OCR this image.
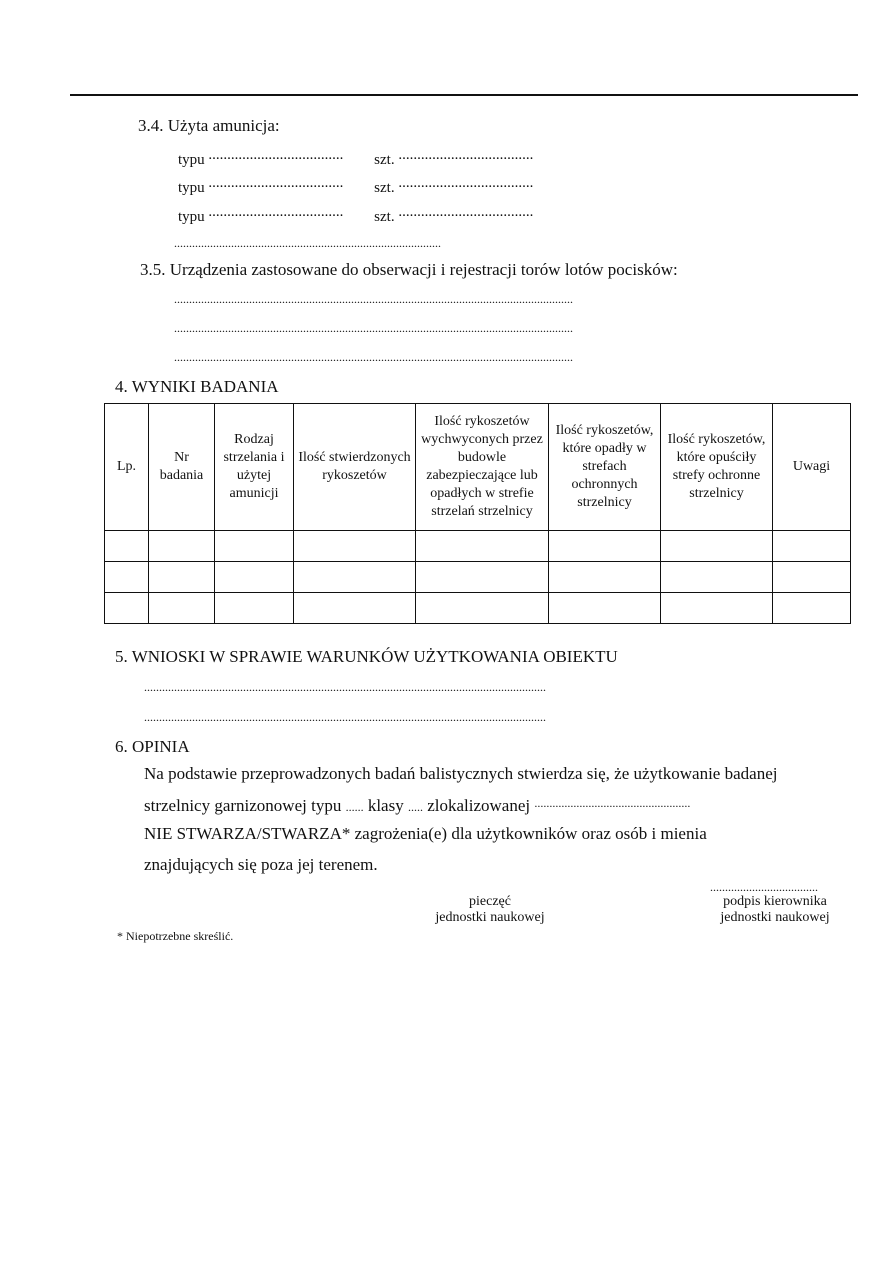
3.4. Użyta amunicja:
typu .................................... szt. ....................................
typu .................................... szt. ....................................
typu .................................... szt. ....................................
.........................................................................................
3.5. Urządzenia zastosowane do obserwacji i rejestracji torów lotów pocisków:
.....................................................................................................................................
.....................................................................................................................................
.....................................................................................................................................
4. WYNIKI BADANIA
Lp.	Nr badania	Rodzaj strzelania i użytej amunicji	Ilość stwierdzonych rykoszetów	Ilość rykoszetów wychwyconych przez budowle zabezpieczające lub opadłych w strefie strzelań strzelnicy	Ilość rykoszetów, które opadły w strefach ochronnych strzelnicy	Ilość rykoszetów, które opuściły strefy ochronne strzelnicy	Uwagi

5. WNIOSKI W SPRAWIE WARUNKÓW UŻYTKOWANIA OBIEKTU
......................................................................................................................................
......................................................................................................................................
6. OPINIA
Na podstawie przeprowadzonych badań balistycznych stwierdza się, że użytkowanie badanej
strzelnicy garnizonowej typu ...... klasy ..... zlokalizowanej ....................................................
NIE STWARZA/STWARZA* zagrożenia(e) dla użytkowników oraz osób i mienia
znajdujących się poza jej terenem.
....................................
pieczęć
jednostki naukowej
podpis kierownika
jednostki naukowej
* Niepotrzebne skreślić.
